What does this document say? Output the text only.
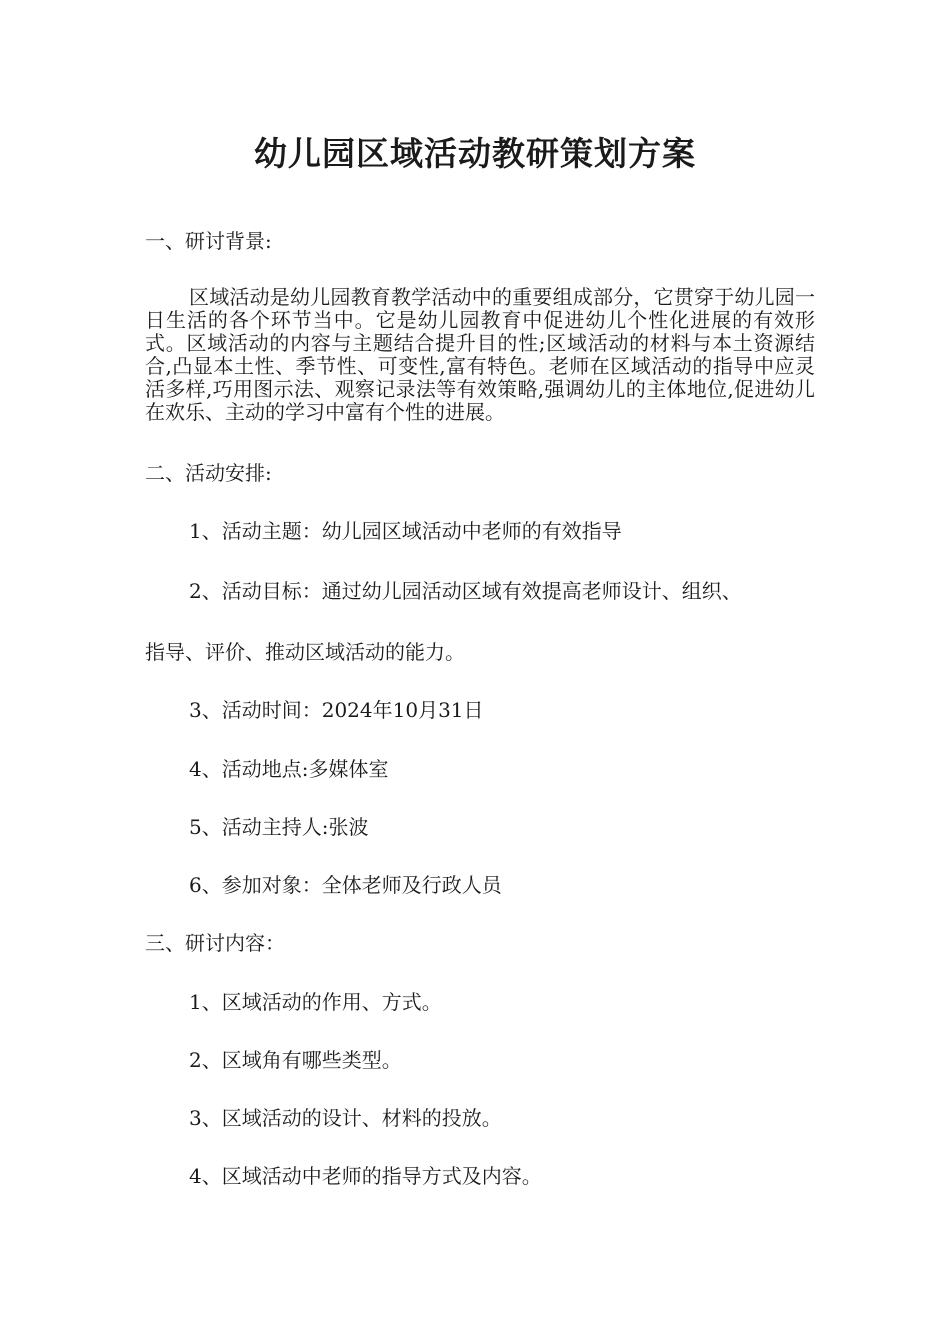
幼儿园区域活动教研策划方案

一、研讨背景:

区域活动是幼儿园教育教学活动中的重要组成部分，它贯穿于幼儿园一日生活的各个环节当中。它是幼儿园教育中促进幼儿个性化进展的有效形式。区域活动的内容与主题结合提升目的性;区域活动的材料与本土资源结合,凸显本土性、季节性、可变性,富有特色。老师在区域活动的指导中应灵活多样,巧用图示法、观察记录法等有效策略,强调幼儿的主体地位,促进幼儿在欢乐、主动的学习中富有个性的进展。

二、活动安排:

1、活动主题：幼儿园区域活动中老师的有效指导

2、活动目标：通过幼儿园活动区域有效提高老师设计、组织、

指导、评价、推动区域活动的能力。

3、活动时间：2024年10月31日

4、活动地点:多媒体室

5、活动主持人:张波

6、参加对象：全体老师及行政人员

三、研讨内容：

1、区域活动的作用、方式。

2、区域角有哪些类型。

3、区域活动的设计、材料的投放。

4、区域活动中老师的指导方式及内容。
